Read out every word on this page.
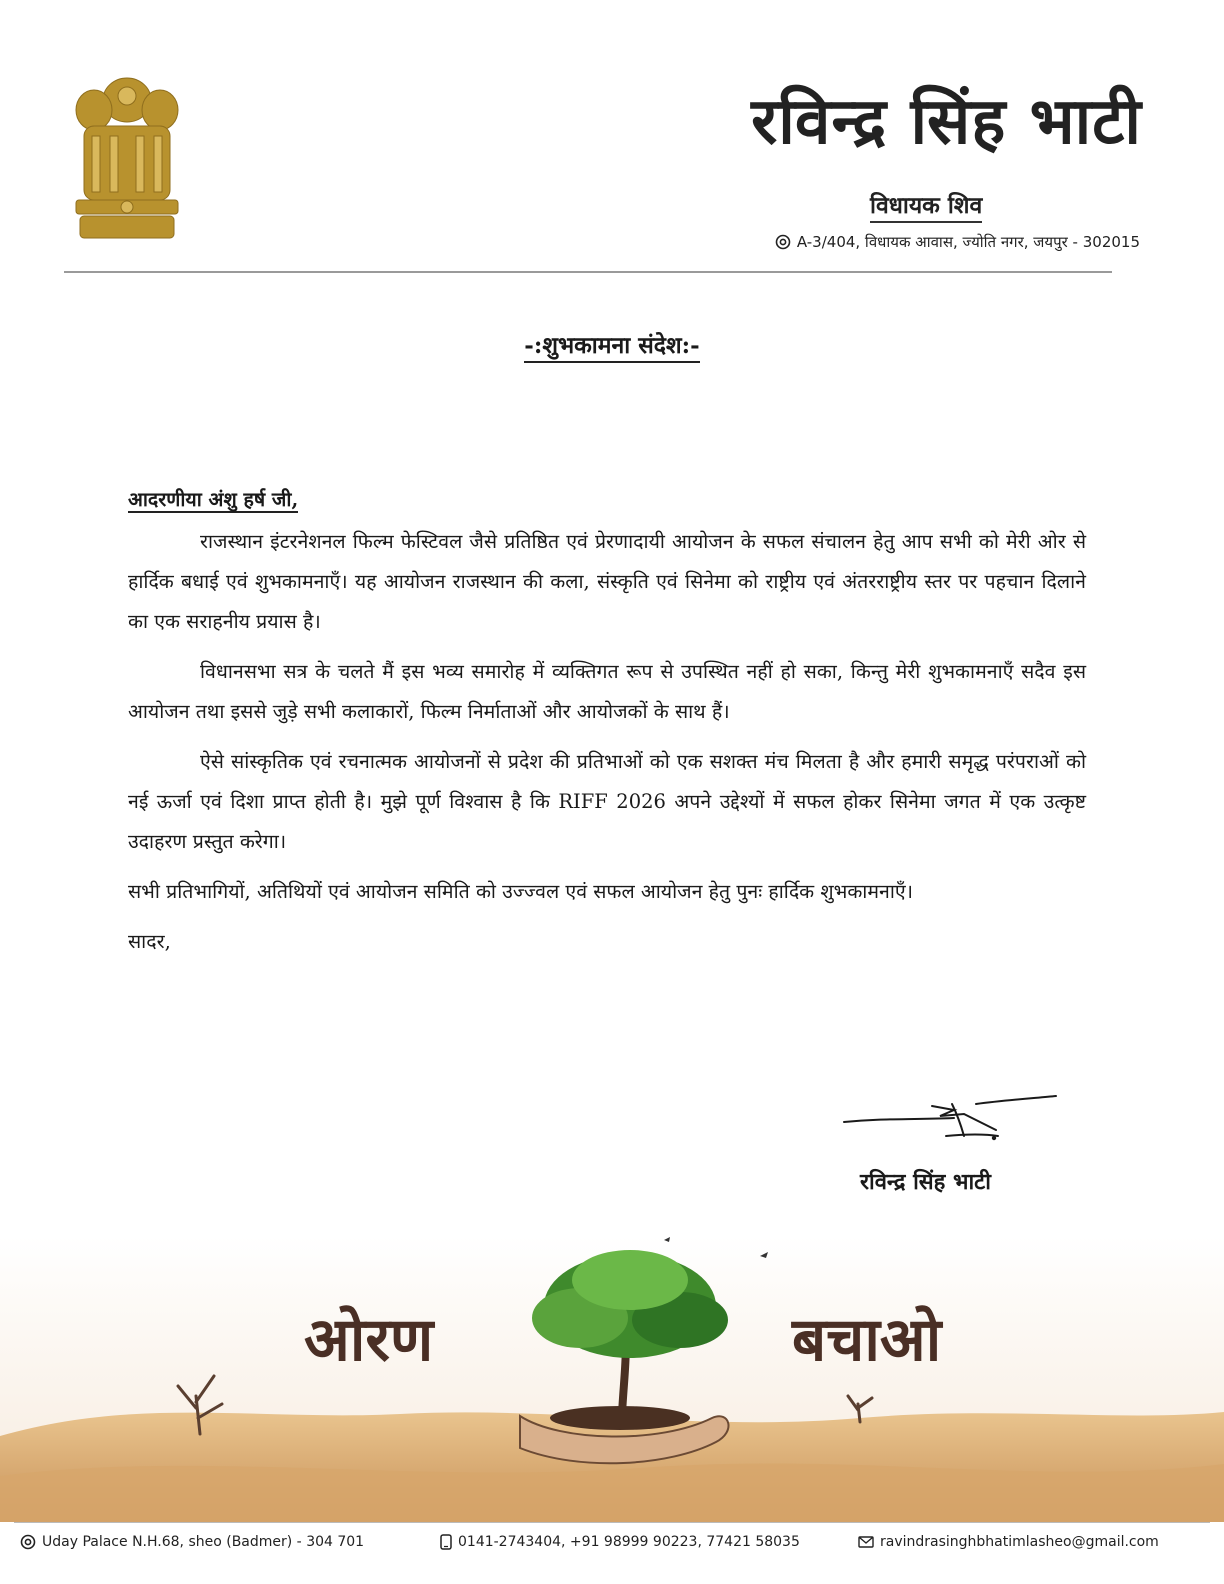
रविन्द्र सिंह भाटी
विधायक शिव
A-3/404, विधायक आवास, ज्योति नगर, जयपुर - 302015
-:शुभकामना संदेश:-
आदरणीया अंशु हर्ष जी,

राजस्थान इंटरनेशनल फिल्म फेस्टिवल जैसे प्रतिष्ठित एवं प्रेरणादायी आयोजन के सफल संचालन हेतु आप सभी को मेरी ओर से हार्दिक बधाई एवं शुभकामनाएँ। यह आयोजन राजस्थान की कला, संस्कृति एवं सिनेमा को राष्ट्रीय एवं अंतरराष्ट्रीय स्तर पर पहचान दिलाने का एक सराहनीय प्रयास है।

विधानसभा सत्र के चलते मैं इस भव्य समारोह में व्यक्तिगत रूप से उपस्थित नहीं हो सका, किन्तु मेरी शुभकामनाएँ सदैव इस आयोजन तथा इससे जुड़े सभी कलाकारों, फिल्म निर्माताओं और आयोजकों के साथ हैं।

ऐसे सांस्कृतिक एवं रचनात्मक आयोजनों से प्रदेश की प्रतिभाओं को एक सशक्त मंच मिलता है और हमारी समृद्ध परंपराओं को नई ऊर्जा एवं दिशा प्राप्त होती है। मुझे पूर्ण विश्वास है कि RIFF 2026 अपने उद्देश्यों में सफल होकर सिनेमा जगत में एक उत्कृष्ट उदाहरण प्रस्तुत करेगा।

सभी प्रतिभागियों, अतिथियों एवं आयोजन समिति को उज्ज्वल एवं सफल आयोजन हेतु पुनः हार्दिक शुभकामनाएँ।

सादर,
रविन्द्र सिंह भाटी
ओरण	बचाओ
Uday Palace N.H.68, sheo (Badmer) - 304 701	0141-2743404, +91 98999 90223, 77421 58035	ravindrasinghbhatimlasheo@gmail.com
